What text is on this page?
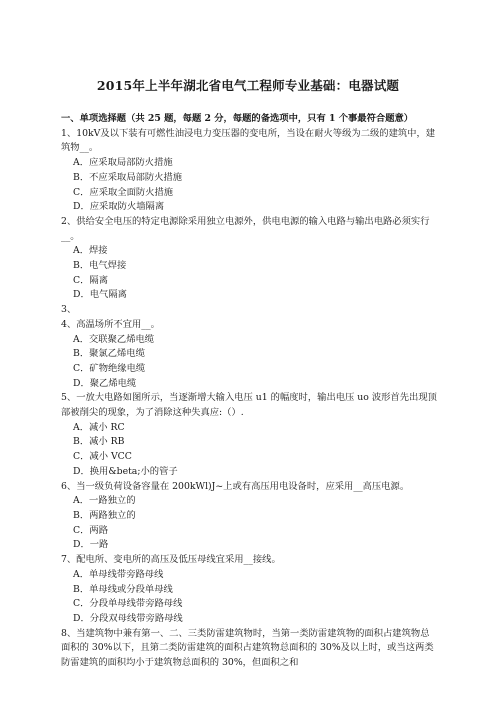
2015年上半年湖北省电气工程师专业基础：电器试题

一、单项选择题（共 25 题，每题 2 分，每题的备选项中，只有 1 个事最符合题意）

1、10kV及以下装有可燃性油浸电力变压器的变电所，当设在耐火等级为二级的建筑中，建筑物__。

A．应采取局部防火措施

B．不应采取局部防火措施

C．应采取全面防火措施

D．应采取防火墙隔离

2、供给安全电压的特定电源除采用独立电源外，供电电源的输入电路与输出电路必须实行__。

A．焊接

B．电气焊接

C．隔离

D．电气隔离

3、

4、高温场所不宜用__。

A．交联聚乙烯电缆

B．聚氯乙烯电缆

C．矿物绝缘电缆

D．聚乙烯电缆

5、一放大电路如图所示，当逐渐增大输入电压 u1 的幅度时，输出电压 uo 波形首先出现顶部被削尖的现象，为了消除这种失真应:（）.

A．减小 RC

B．减小 RB

C．减小 VCC

D．换用&beta;小的管子

6、当一级负荷设备容量在 200kWl)J~上或有高压用电设备时，应采用__高压电源。

A．一路独立的

B．两路独立的

C．两路

D．一路

7、配电所、变电所的高压及低压母线宜采用__接线。

A．单母线带旁路母线

B．单母线或分段单母线

C．分段单母线带旁路母线

D．分段双母线带旁路母线

8、当建筑物中兼有第一、二、三类防雷建筑物时，当第一类防雷建筑物的面积占建筑物总面积的 30%以下，且第二类防雷建筑的面积占建筑物总面积的 30%及以上时，或当这两类防雷建筑的面积均小于建筑物总面积的 30%，但面积之和
